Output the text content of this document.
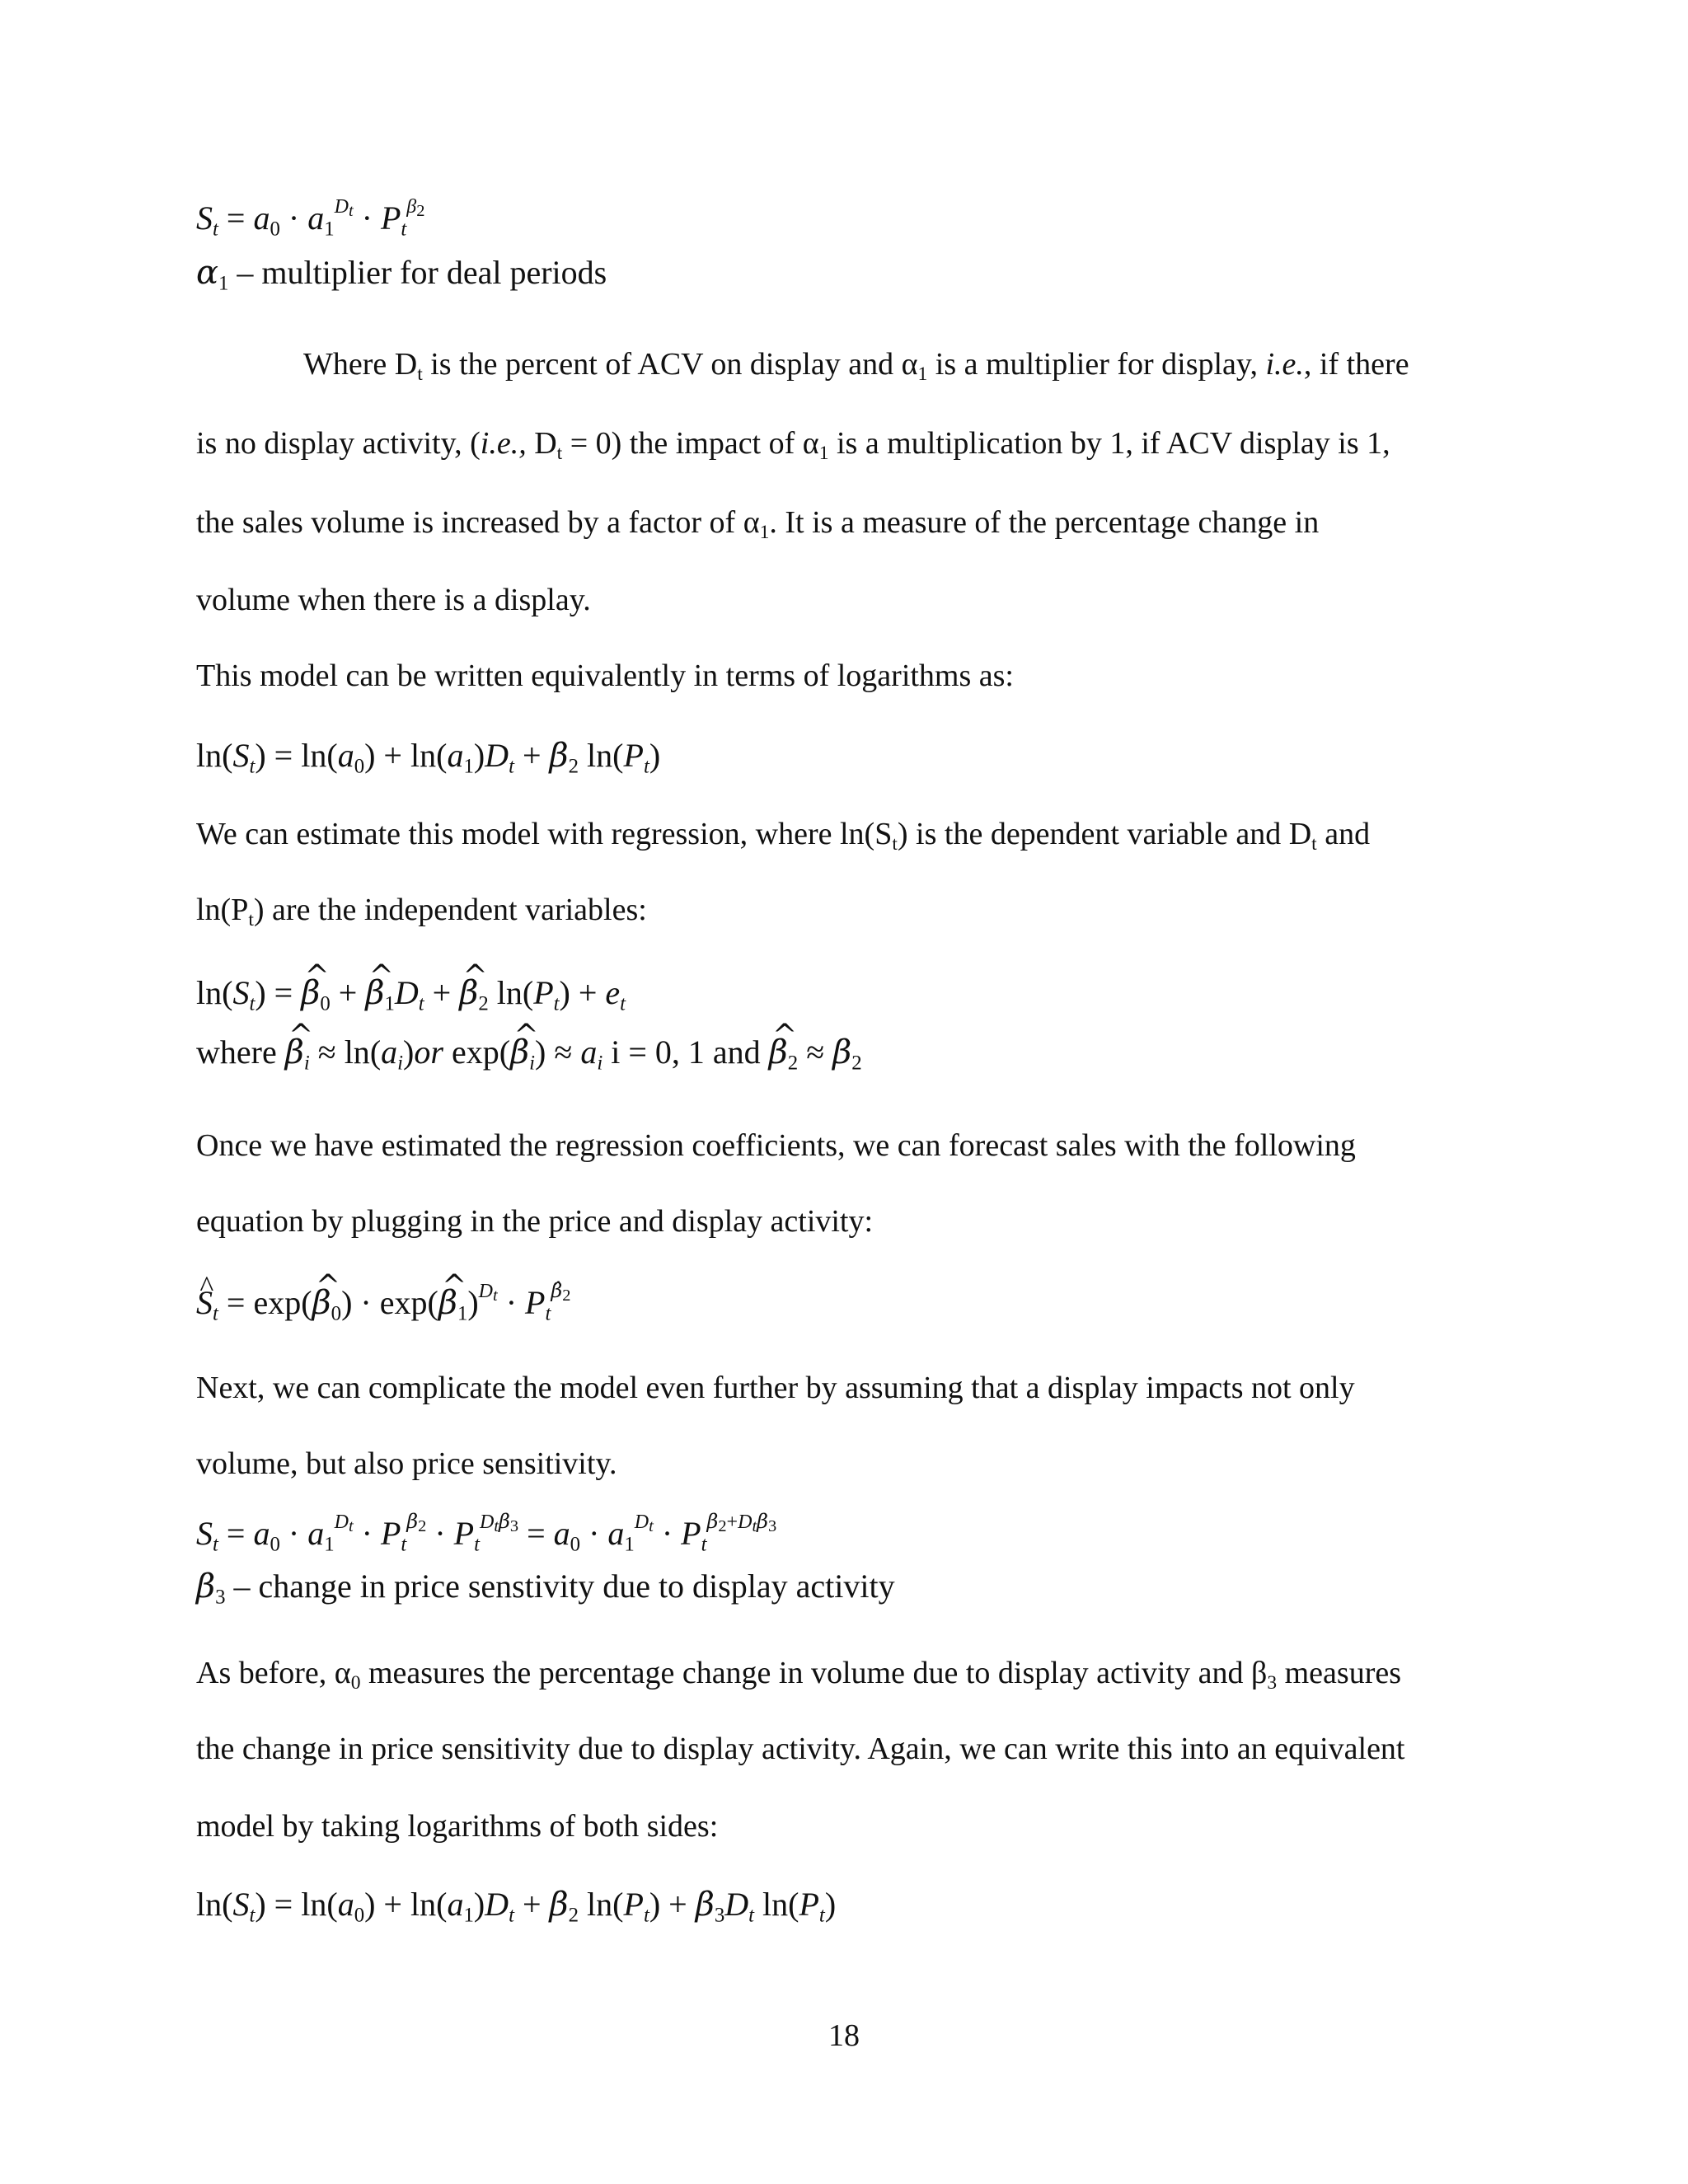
$S_t = a_0 \cdot a_1^{D_t} \cdot P_t^{\beta_2}$
$\alpha_1$ – multiplier for deal periods
Where $D_t$ is the percent of ACV on display and $\alpha_1$ is a multiplier for display, i.e., if there
is no display activity, (i.e., $D_t = 0$) the impact of $\alpha_1$ is a multiplication by 1, if ACV display is 1,
the sales volume is increased by a factor of $\alpha_1$. It is a measure of the percentage change in
volume when there is a display.
This model can be written equivalently in terms of logarithms as:
$\ln(S_t) = \ln(a_0) + \ln(a_1)D_t + \beta_2$ $\ln(P_t)$
We can estimate this model with regression, where $\ln(S_t)$ is the dependent variable and $D_t$ and
$\ln(P_t)$ are the independent variables:
$\ln(S_t)$ = ^ $\beta_0$ + ^ $\beta_1D_t$ + ^ $\beta_2$ $\ln(P_t) + e_t$
where ^ $\beta_i \approx \ln(a_i)or$ exp(^ $\beta_i) \approx a_i$ i = 0, 1 and ^ $\beta_2 \approx \beta_2$
Once we have estimated the regression coefficients, we can forecast sales with the following
equation by plugging in the price and display activity:
^ $S_t$ = exp(^ $\beta_0$) · exp(^ $\beta_1)^{D_t} \cdot P_t^{\betâ_2}$
Next, we can complicate the model even further by assuming that a display impacts not only
volume, but also price sensitivity.
$S_t = a_0 \cdot a_1^{D_t} \cdot P_t^{\beta_2} \cdot P_t^{D_t\beta_3} = a_0 \cdot a_1^{D_t} \cdot P_t^{\beta_2+D_t\beta_3}$
$\beta_3$ – change in price senstivity due to display activity
As before, $\alpha_0$ measures the percentage change in volume due to display activity and $\beta_3$ measures
the change in price sensitivity due to display activity. Again, we can write this into an equivalent
model by taking logarithms of both sides:
$\ln(S_t) = \ln(a_0) + \ln(a_1)D_t + \beta_2$ $\ln(P_t) + \beta_3D_t$ $\ln(P_t)$
18
